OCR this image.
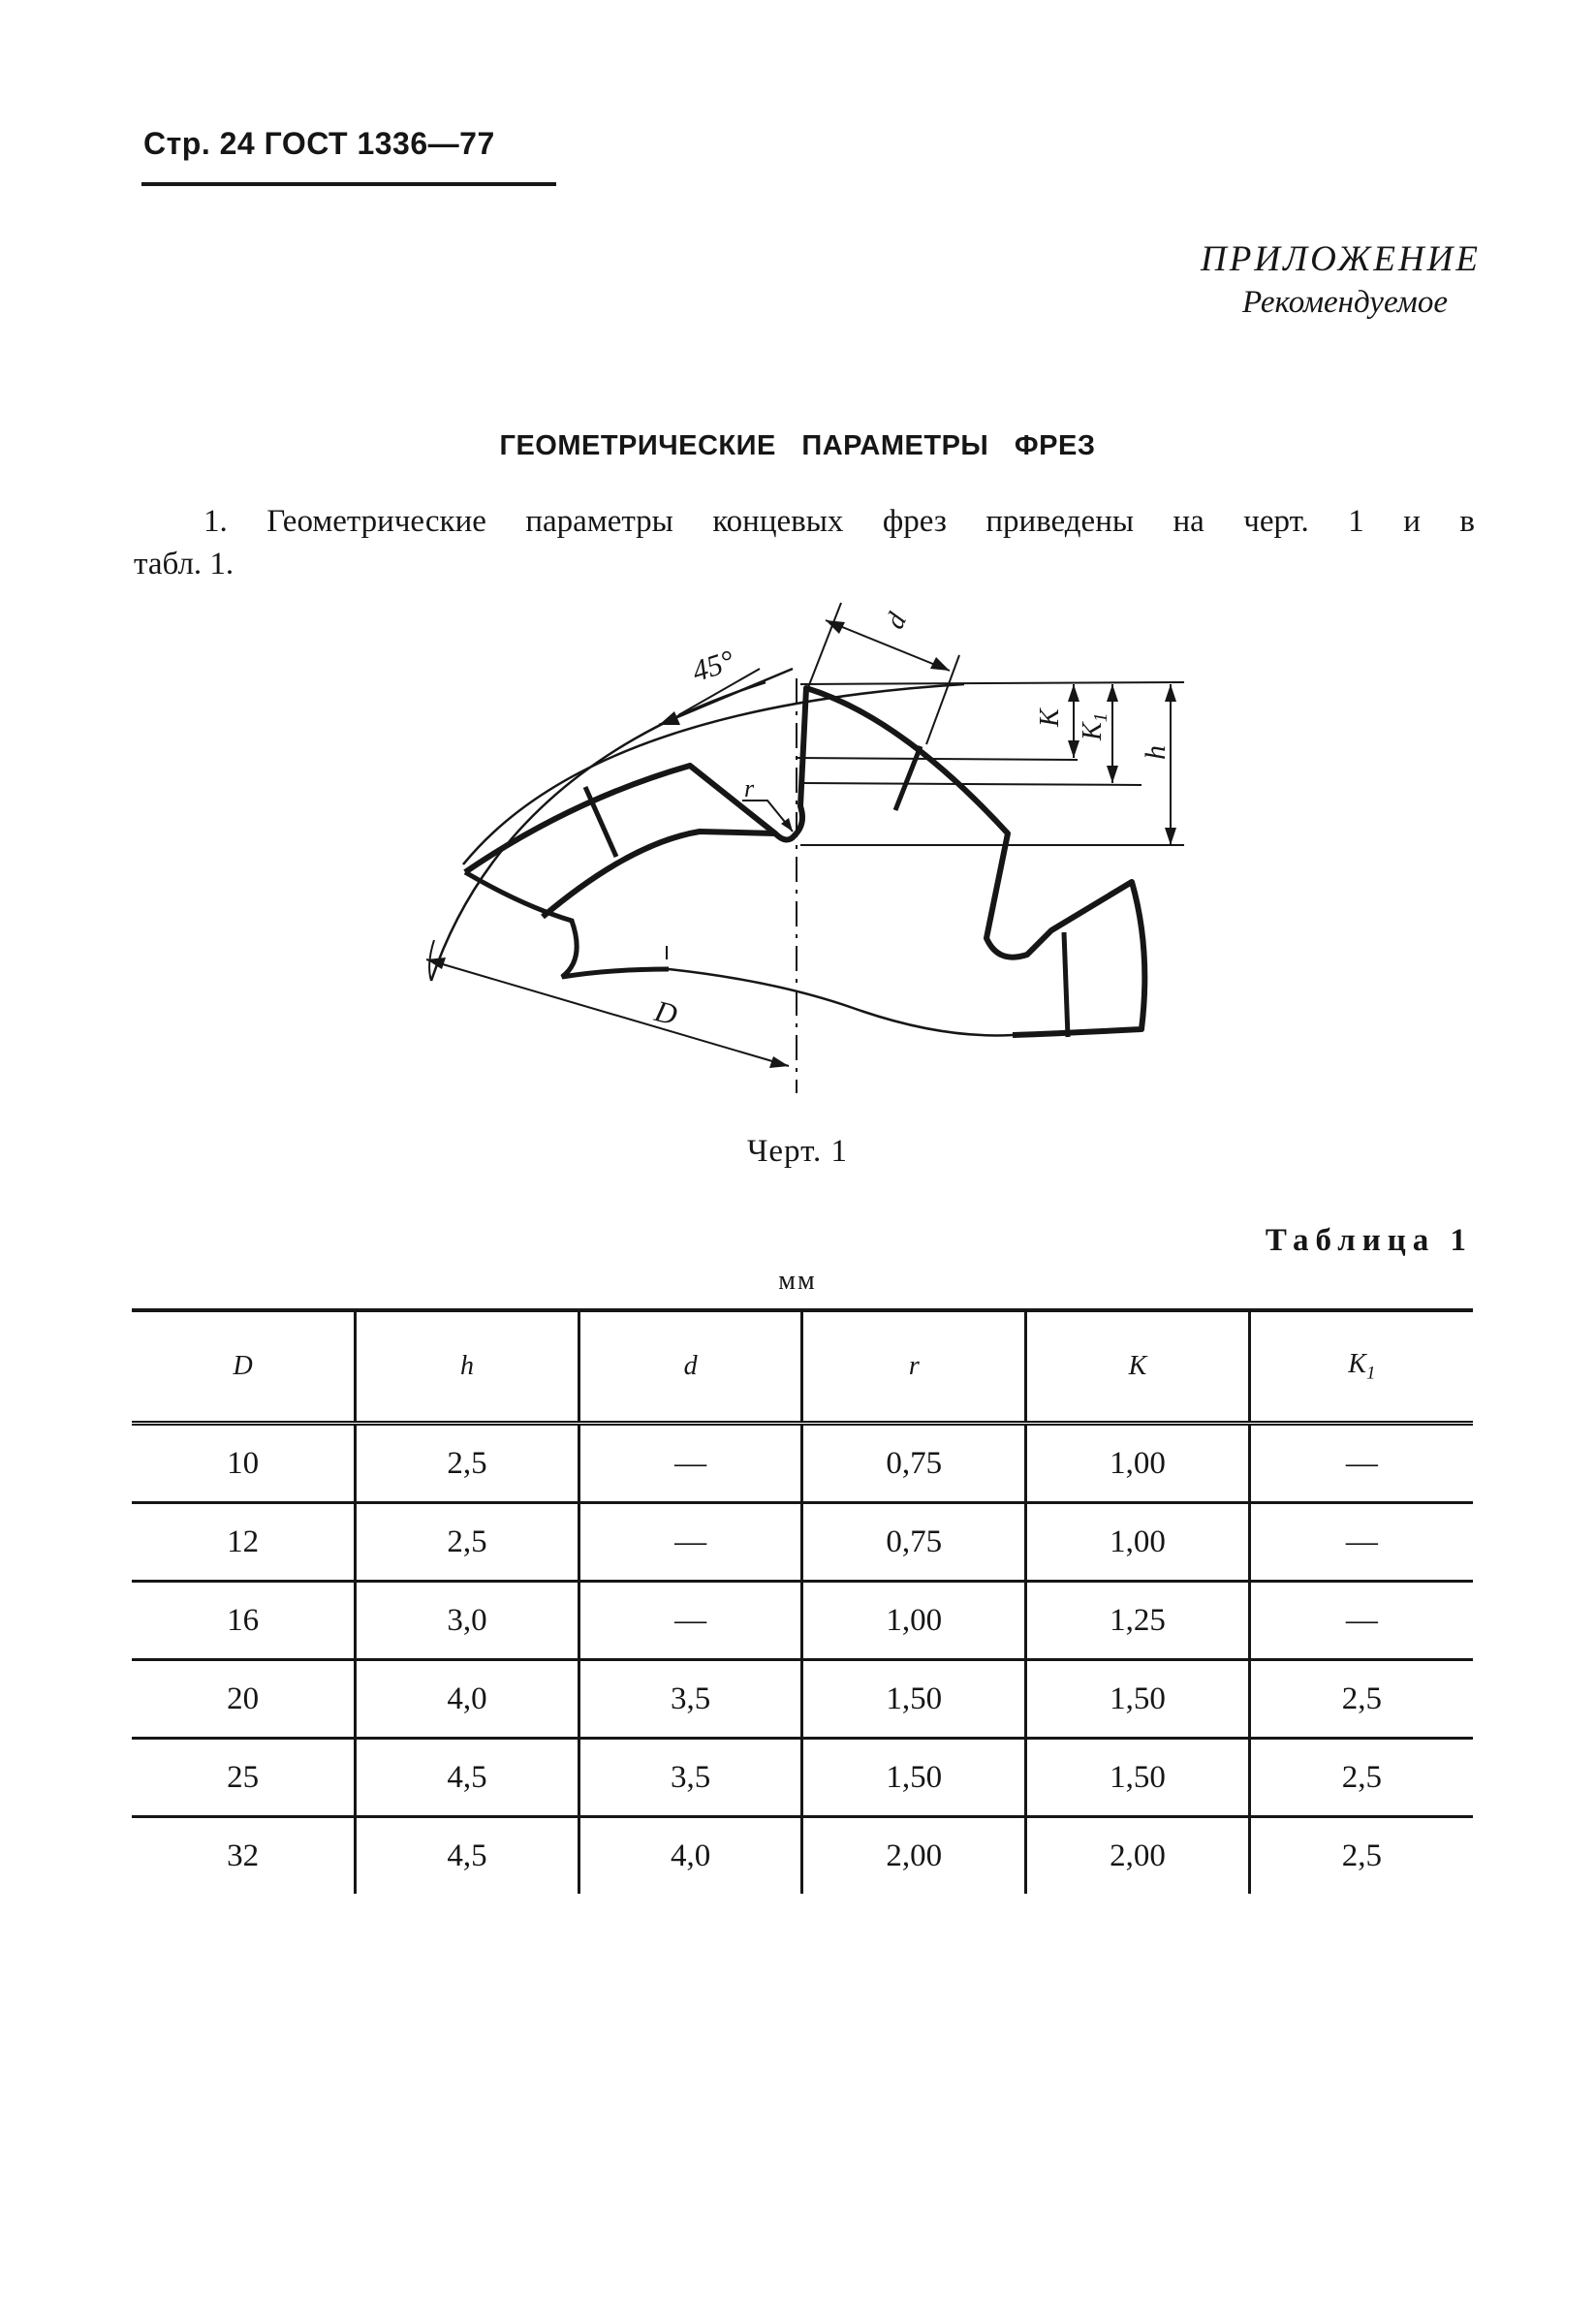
Стр. 24 ГОСТ 1336—77
ПРИЛОЖЕНИЕ
Рекомендуемое
ГЕОМЕТРИЧЕСКИЕ ПАРАМЕТРЫ ФРЕЗ
1. Геометрические параметры концевых фрез приведены на черт. 1 и в
табл. 1.
45°
d
K
$K_1$
h
r
D
Черт. 1
Таблица 1
мм
D	h	d	r	K	$K_1$
10	2,5	—	0,75	1,00	—
12	2,5	—	0,75	1,00	—
16	3,0	—	1,00	1,25	—
20	4,0	3,5	1,50	1,50	2,5
25	4,5	3,5	1,50	1,50	2,5
32	4,5	4,0	2,00	2,00	2,5
